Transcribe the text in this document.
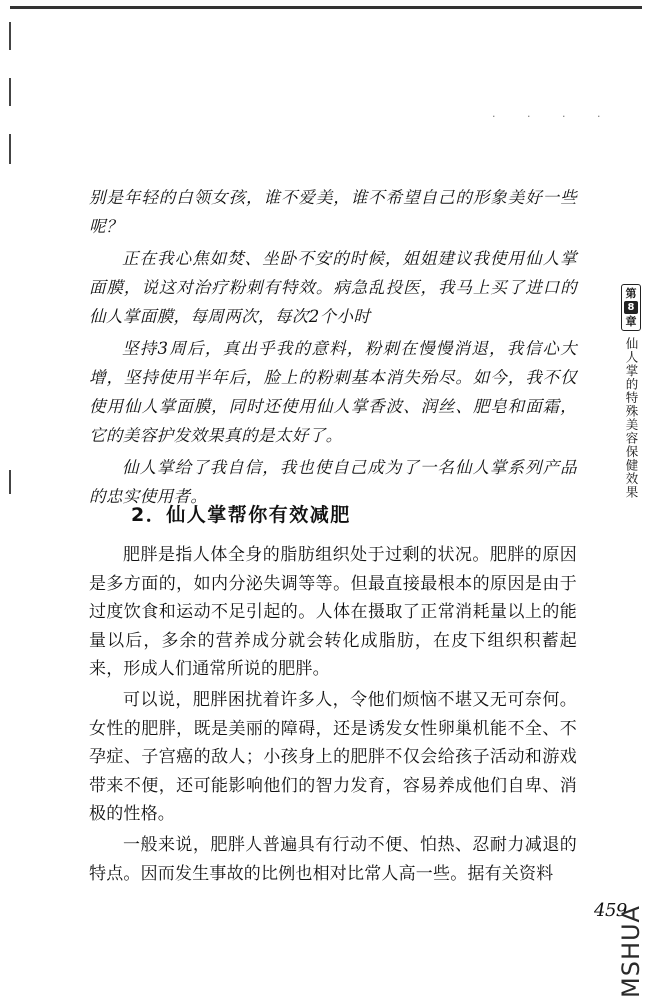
· · · ·

别是年轻的白领女孩，谁不爱美，谁不希望自己的形象美好一些呢？

正在我心焦如焚、坐卧不安的时候，姐姐建议我使用仙人掌面膜，说这对治疗粉刺有特效。病急乱投医，我马上买了进口的仙人掌面膜，每周两次，每次2个小时

坚持3周后，真出乎我的意料，粉刺在慢慢消退，我信心大增，坚持使用半年后，脸上的粉刺基本消失殆尽。如今，我不仅使用仙人掌面膜，同时还使用仙人掌香波、润丝、肥皂和面霜，它的美容护发效果真的是太好了。

仙人掌给了我自信，我也使自己成为了一名仙人掌系列产品的忠实使用者。

2．仙人掌帮你有效减肥

肥胖是指人体全身的脂肪组织处于过剩的状况。肥胖的原因是多方面的，如内分泌失调等等。但最直接最根本的原因是由于过度饮食和运动不足引起的。人体在摄取了正常消耗量以上的能量以后，多余的营养成分就会转化成脂肪，在皮下组织积蓄起来，形成人们通常所说的肥胖。

可以说，肥胖困扰着许多人，令他们烦恼不堪又无可奈何。女性的肥胖，既是美丽的障碍，还是诱发女性卵巢机能不全、不孕症、子宫癌的敌人；小孩身上的肥胖不仅会给孩子活动和游戏带来不便，还可能影响他们的智力发育，容易养成他们自卑、消极的性格。

一般来说，肥胖人普遍具有行动不便、怕热、忍耐力减退的特点。因而发生事故的比例也相对比常人高一些。据有关资料

第
8
章
仙人掌的特殊美容保健效果
459
MSHUA
